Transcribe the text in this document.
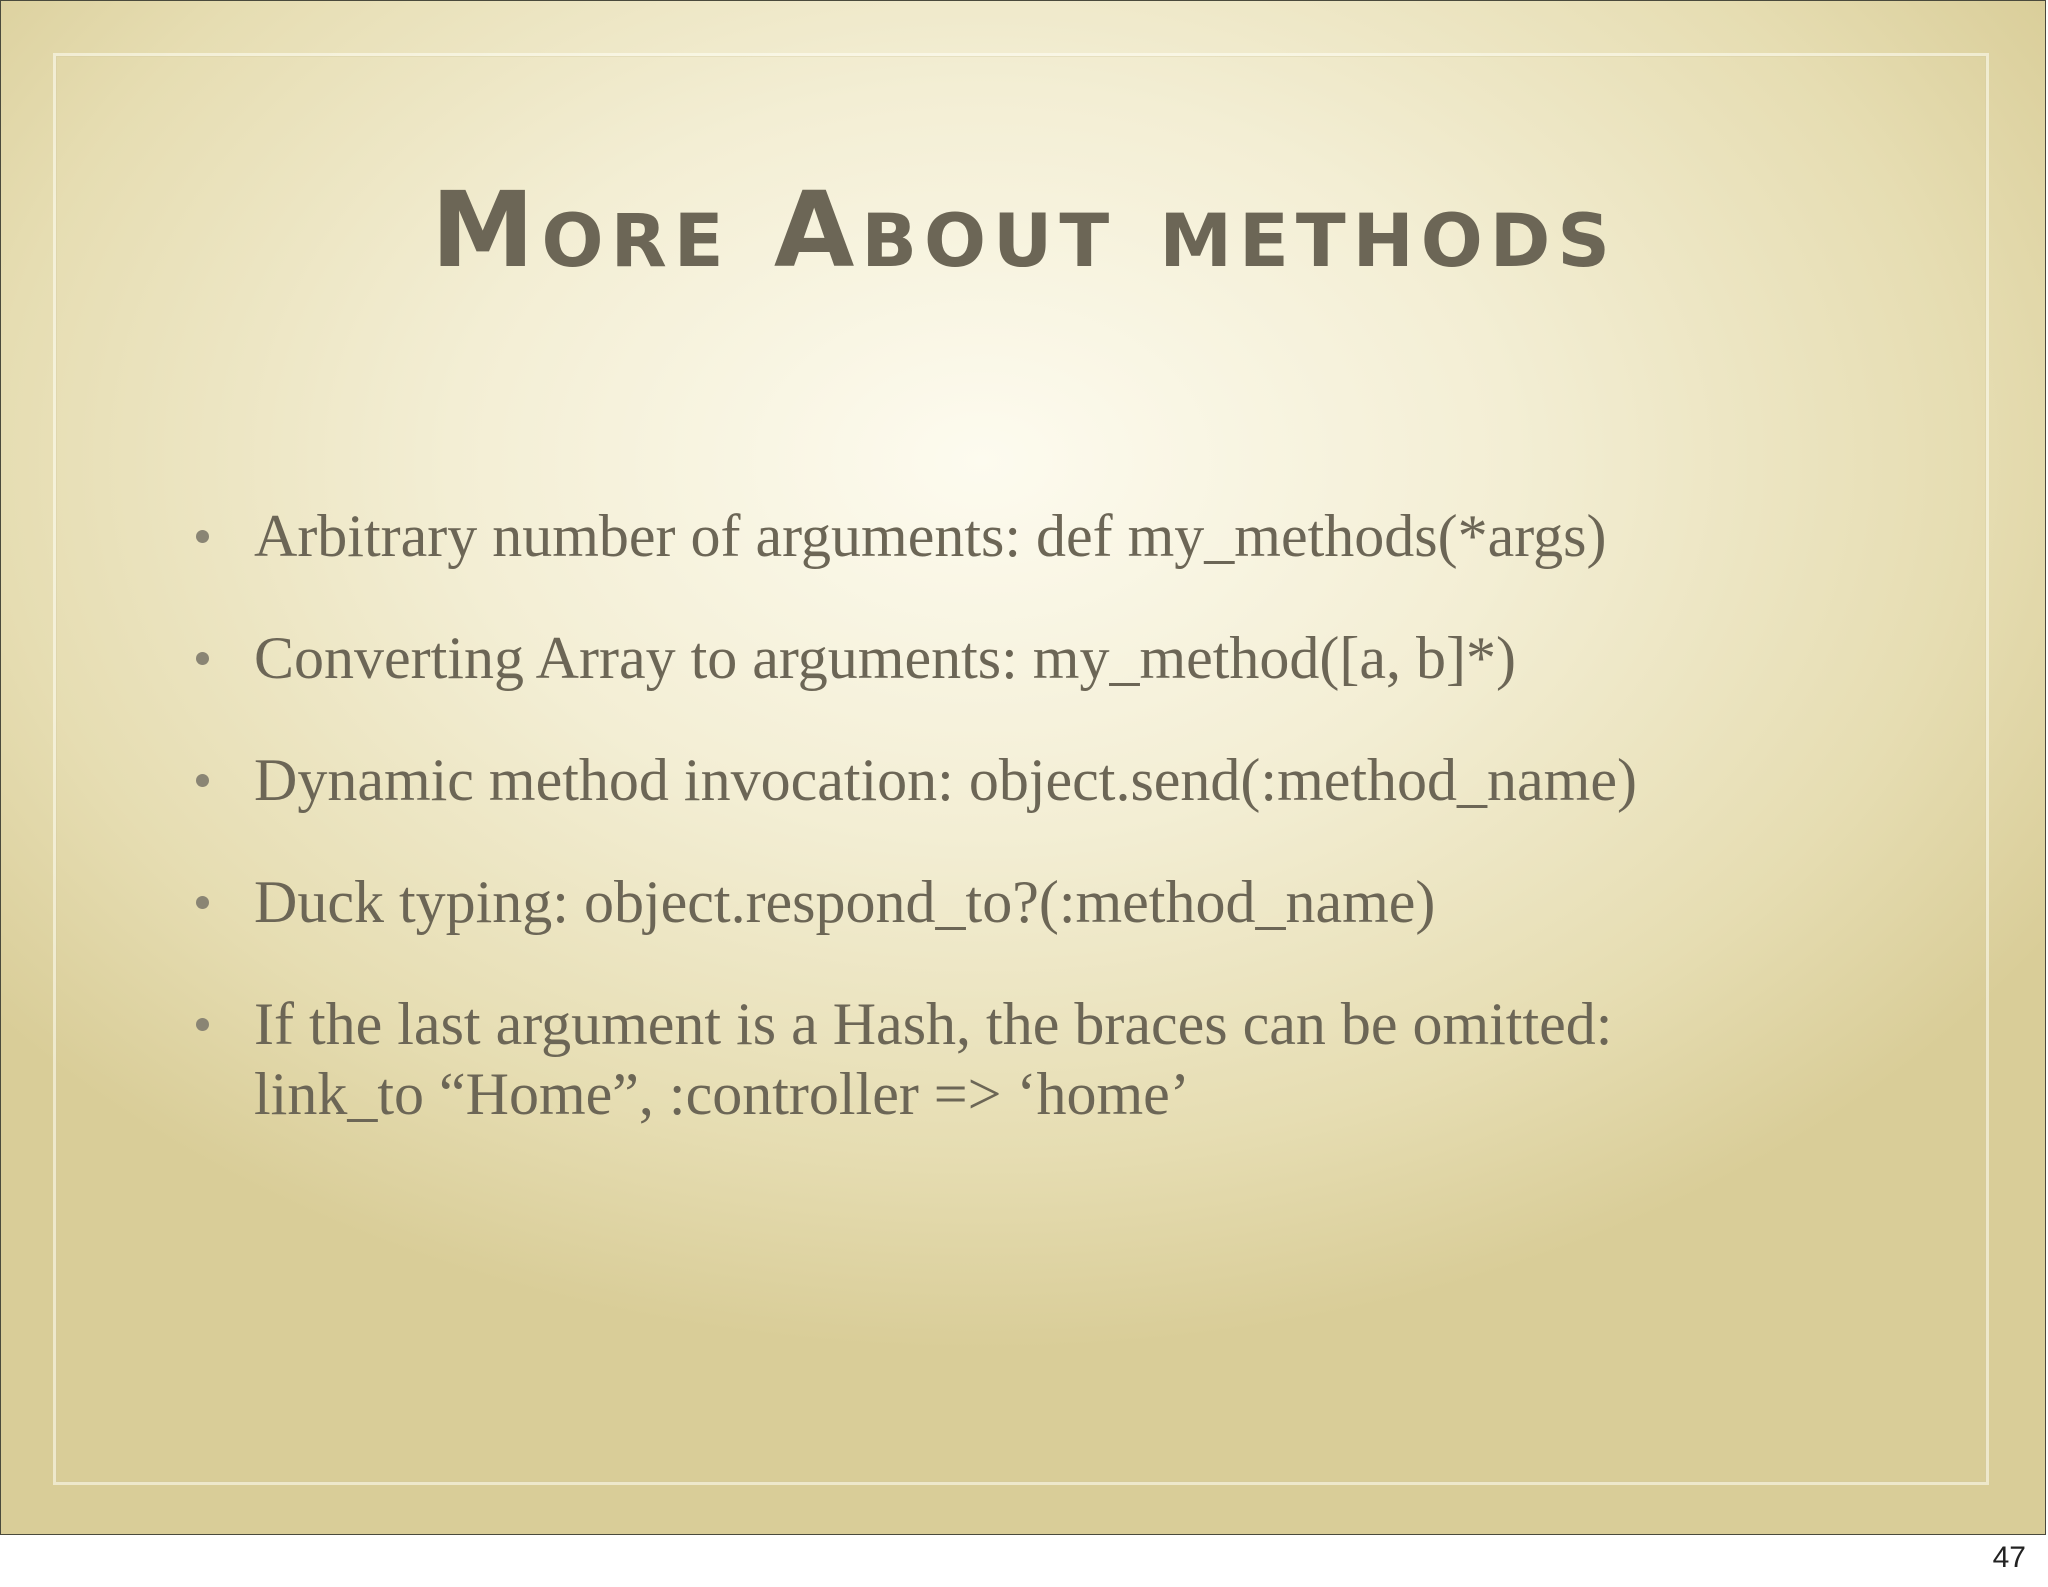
More About methods
Arbitrary number of arguments: def my_methods(*args)
Converting Array to arguments: my_method([a, b]*)
Dynamic method invocation: object.send(:method_name)
Duck typing: object.respond_to?(:method_name)
If the last argument is a Hash, the braces can be omitted: link_to “Home”, :controller => ‘home’
47
